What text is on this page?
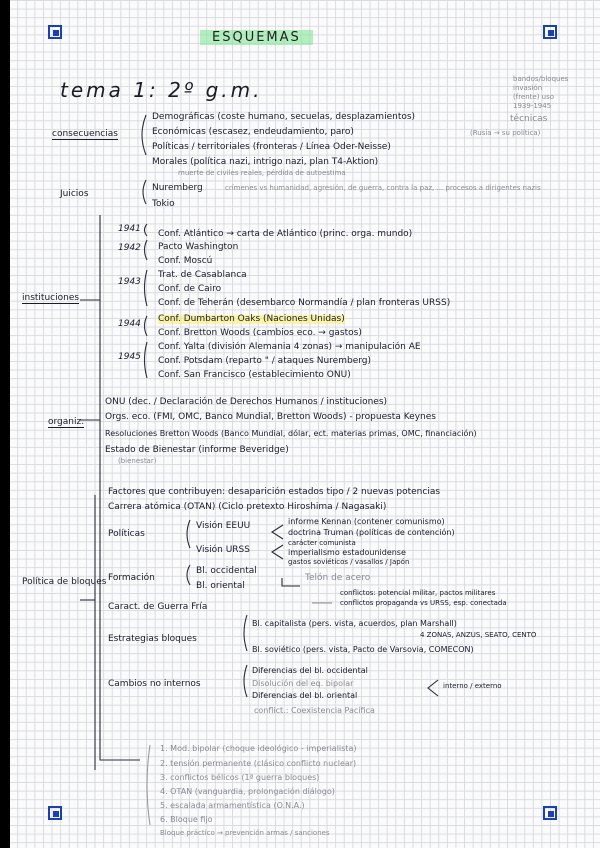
ESQUEMAS
tema 1: 2º g.m.	bandos/bloques
invasión
(frente) uso
1939-1945
consecuencias
Demográficas (coste humano, secuelas, desplazamientos)
Económicas (escasez, endeudamiento, paro)
Políticas / territoriales (fronteras / Línea Oder-Neisse)
Morales (política nazi, intrigo nazi, plan T4-Aktion)
técnicas
(Rusia → su política)
muerte de civiles reales, pérdida de autoestima
Juicios
Nuremberg
Tokio
crímenes vs humanidad, agresión, de guerra, contra la paz, ... procesos a dirigentes nazis
instituciones
1941 Conf. Atlántico → carta de Atlántico (princ. orga. mundo)
1942 Pacto Washington
Conf. Moscú
1943
Trat. de Casablanca
Conf. de Cairo
Conf. de Teherán (desembarco Normandía / plan fronteras URSS)
1944 Conf. Dumbarton Oaks (Naciones Unidas)
Conf. Bretton Woods (cambios eco. → gastos)
1945
Conf. Yalta (división Alemania 4 zonas) → manipulación AE
Conf. Potsdam (reparto " / ataques Nuremberg)
Conf. San Francisco (establecimiento ONU)
organiz.
ONU (dec. / Declaración de Derechos Humanos / instituciones)
Orgs. eco. (FMI, OMC, Banco Mundial, Bretton Woods) - propuesta Keynes
Resoluciones Bretton Woods (Banco Mundial, dólar, ect. materias primas, OMC, financiación)
Estado de Bienestar (informe Beveridge)
(bienestar)
Política de bloques
Factores que contribuyen: desaparición estados tipo / 2 nuevas potencias
Carrera atómica (OTAN) (Ciclo pretexto Hiroshima / Nagasaki)
Políticas
Visión EEUU
Visión URSS
informe Kennan (contener comunismo)
doctrina Truman (políticas de contención)
carácter comunista
imperialismo estadounidense
gastos soviéticos / vasallos / Japón
Formación
Bl. occidental
Bl. oriental
Telón de acero
Caract. de Guerra Fría
conflictos: potencial militar, pactos militares
conflictos propaganda vs URSS, esp. conectada
Estrategias bloques
Bl. capitalista (pers. vista, acuerdos, plan Marshall)
Bl. soviético (pers. vista, Pacto de Varsovia, COMECON)
4 ZONAS, ANZUS, SEATO, CENTO
Cambios no internos
Diferencias del bl. occidental
Disolución del eq. bipolar
Diferencias del bl. oriental
interno / externo
conflict.: Coexistencia Pacífica
1. Mod. bipolar (choque ideológico - imperialista)
2. tensión permanente (clásico conflicto nuclear)
3. conflictos bélicos (1ª guerra bloques)
4. OTAN (vanguardia, prolongación diálogo)
5. escalada armamentística (O.N.A.)
6. Bloque fijo
Bloque práctico → prevención armas / sanciones
